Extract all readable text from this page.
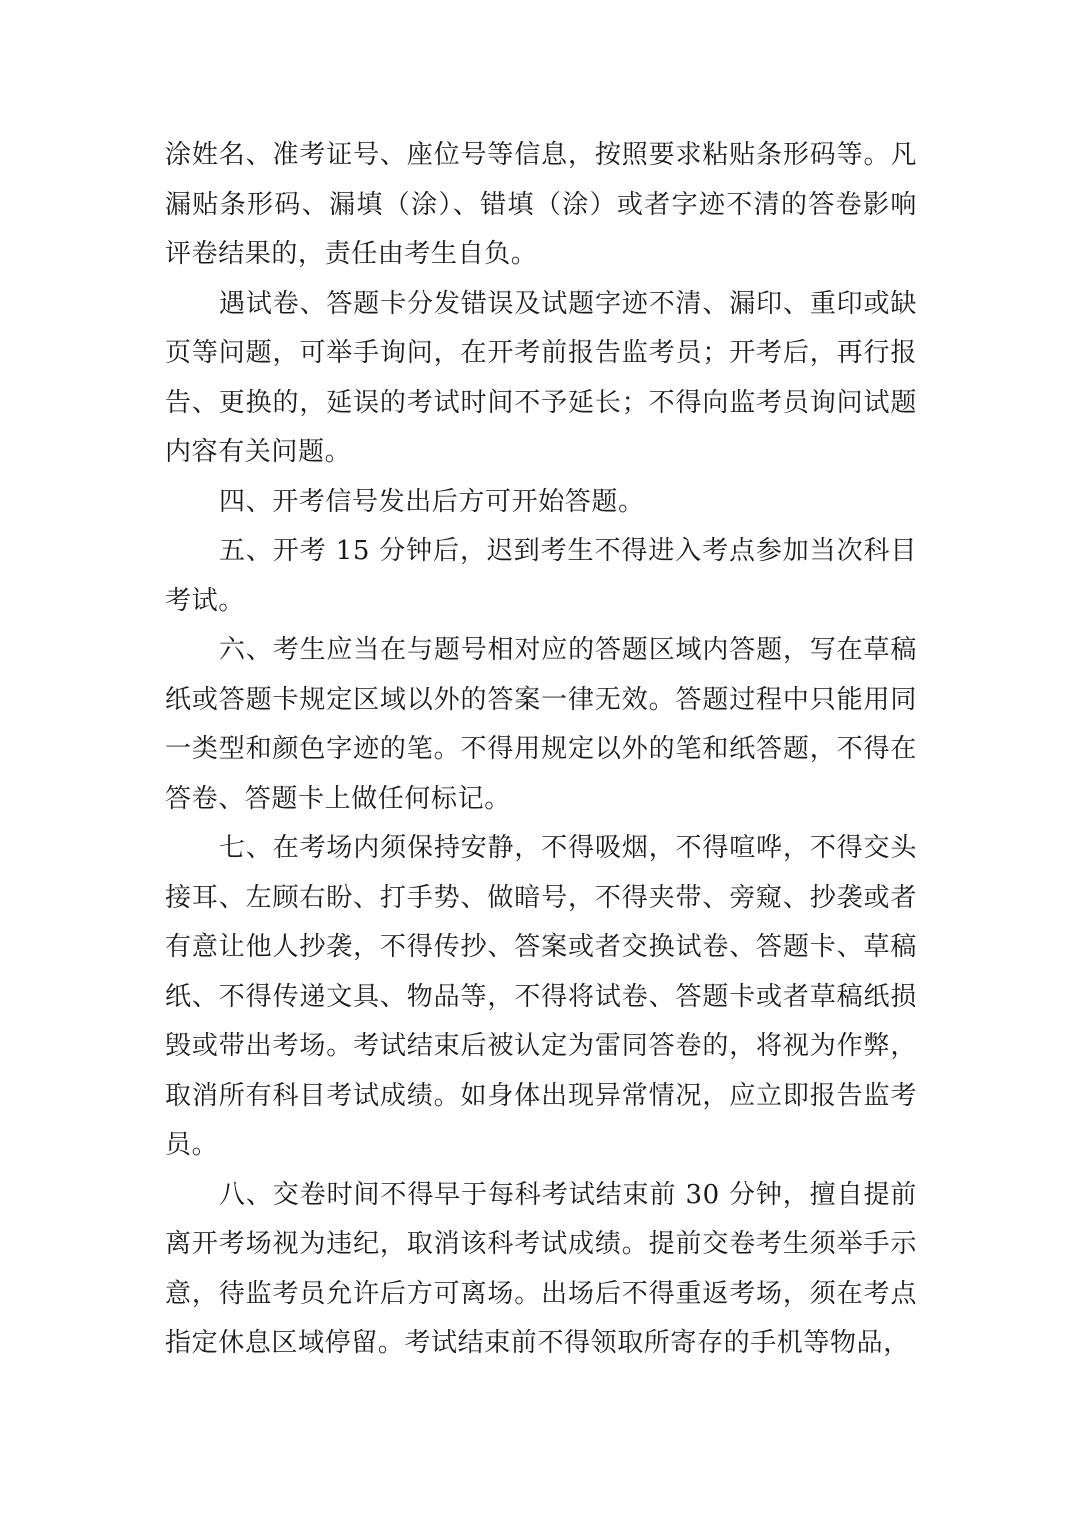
涂姓名、准考证号、座位号等信息，按照要求粘贴条形码等。凡漏贴条形码、漏填（涂）、错填（涂）或者字迹不清的答卷影响评卷结果的，责任由考生自负。

遇试卷、答题卡分发错误及试题字迹不清、漏印、重印或缺页等问题，可举手询问，在开考前报告监考员；开考后，再行报告、更换的，延误的考试时间不予延长；不得向监考员询问试题内容有关问题。

四、开考信号发出后方可开始答题。

五、开考 15 分钟后，迟到考生不得进入考点参加当次科目考试。

六、考生应当在与题号相对应的答题区域内答题，写在草稿纸或答题卡规定区域以外的答案一律无效。答题过程中只能用同一类型和颜色字迹的笔。不得用规定以外的笔和纸答题，不得在答卷、答题卡上做任何标记。

七、在考场内须保持安静，不得吸烟，不得喧哗，不得交头接耳、左顾右盼、打手势、做暗号，不得夹带、旁窥、抄袭或者有意让他人抄袭，不得传抄、答案或者交换试卷、答题卡、草稿纸、不得传递文具、物品等，不得将试卷、答题卡或者草稿纸损毁或带出考场。考试结束后被认定为雷同答卷的，将视为作弊，取消所有科目考试成绩。如身体出现异常情况，应立即报告监考员。

八、交卷时间不得早于每科考试结束前 30 分钟，擅自提前离开考场视为违纪，取消该科考试成绩。提前交卷考生须举手示意，待监考员允许后方可离场。出场后不得重返考场，须在考点指定休息区域停留。考试结束前不得领取所寄存的手机等物品，
